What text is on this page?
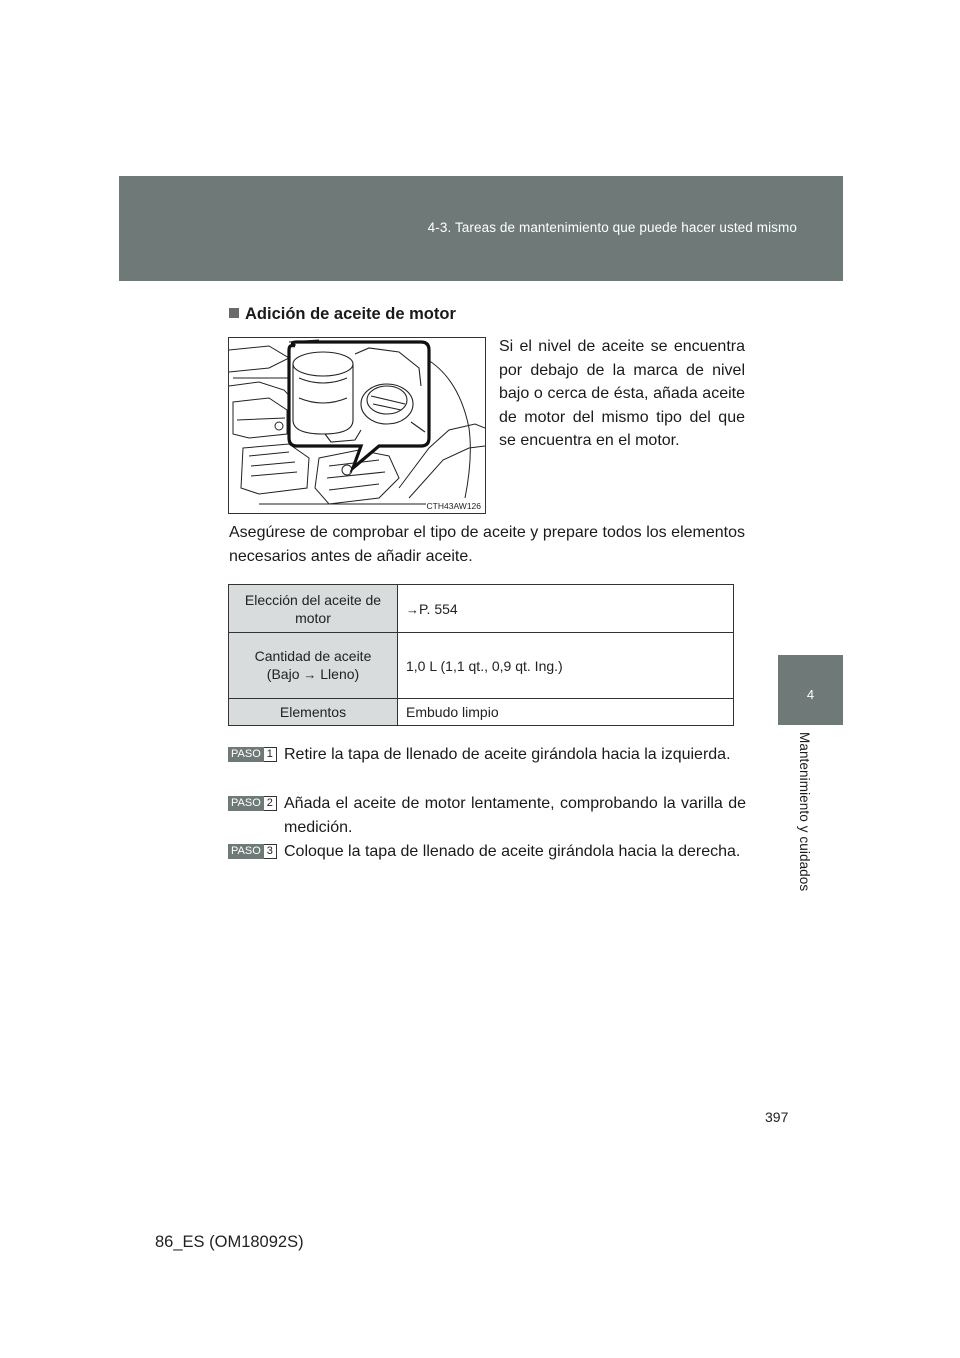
4-3. Tareas de mantenimiento que puede hacer usted mismo
4
Mantenimiento y cuidados
Adición de aceite de motor
CTH43AW126
Si el nivel de aceite se encuentra por debajo de la marca de nivel bajo o cerca de ésta, añada aceite de motor del mismo tipo del que se encuentra en el motor.
Asegúrese de comprobar el tipo de aceite y prepare todos los elementos necesarios antes de añadir aceite.
Elección del aceite de motor	→P. 554

Cantidad de aceite
(Bajo → Lleno)	1,0 L (1,1 qt., 0,9 qt. Ing.)
Elementos	Embudo limpio
PASO 1 Retire la tapa de llenado de aceite girándola hacia la izquierda.
PASO 2 Añada el aceite de motor lentamente, comprobando la varilla de medición.
PASO 3 Coloque la tapa de llenado de aceite girándola hacia la derecha.
397
86_ES (OM18092S)
